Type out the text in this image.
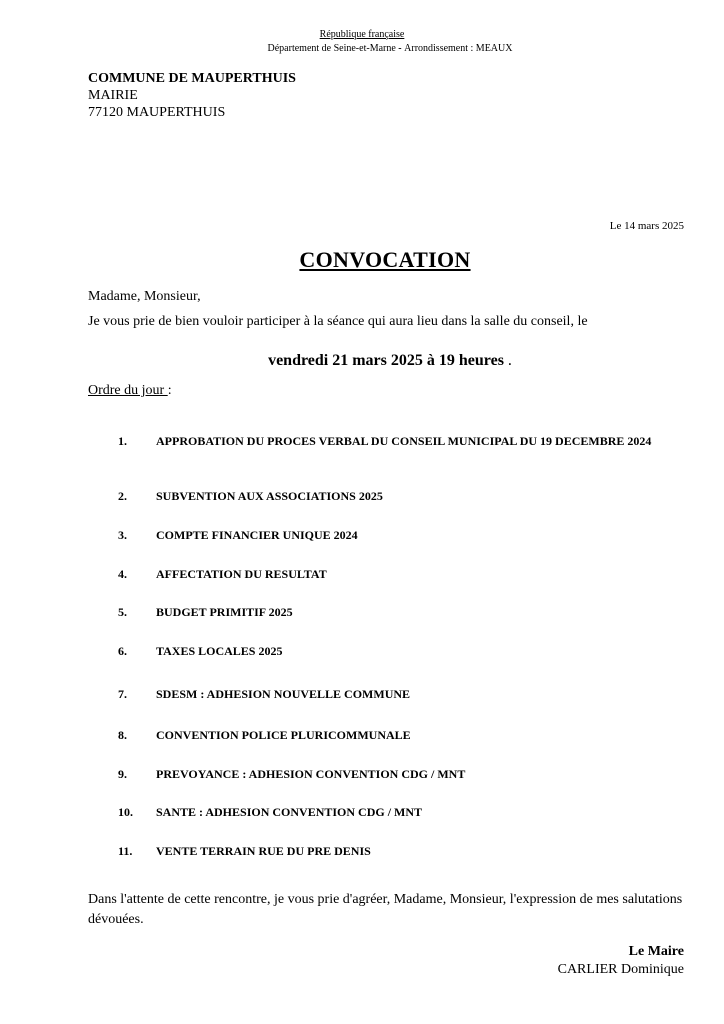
République française
Département de Seine-et-Marne - Arrondissement : MEAUX
COMMUNE DE MAUPERTHUIS
MAIRIE
77120 MAUPERTHUIS
Le 14 mars 2025
CONVOCATION
Madame, Monsieur,
Je vous prie de bien vouloir participer à la séance qui aura lieu dans la salle du conseil, le
vendredi 21 mars 2025 à 19 heures .
Ordre du jour :
1.	APPROBATION DU PROCES VERBAL DU CONSEIL MUNICIPAL DU 19 DECEMBRE 2024
2.	SUBVENTION AUX ASSOCIATIONS 2025
3.	COMPTE FINANCIER UNIQUE 2024
4.	AFFECTATION DU RESULTAT
5.	BUDGET PRIMITIF 2025
6.	TAXES LOCALES 2025
7.	SDESM : ADHESION NOUVELLE COMMUNE
8.	CONVENTION POLICE PLURICOMMUNALE
9.	PREVOYANCE : ADHESION CONVENTION CDG / MNT
10.	SANTE : ADHESION CONVENTION CDG / MNT
11.	VENTE TERRAIN RUE DU PRE DENIS
Dans l'attente de cette rencontre, je vous prie d'agréer, Madame, Monsieur, l'expression de mes salutations dévouées.
Le Maire
CARLIER Dominique
